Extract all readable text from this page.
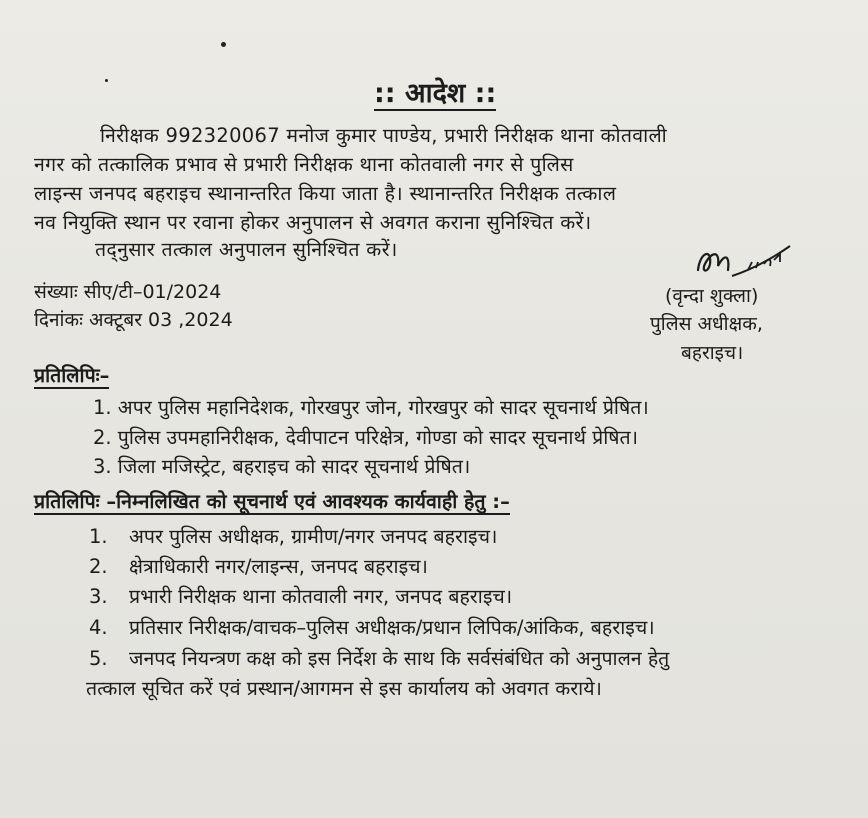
:: आदेश ::
निरीक्षक 992320067 मनोज कुमार पाण्डेय, प्रभारी निरीक्षक थाना कोतवाली
नगर को तत्कालिक प्रभाव से प्रभारी निरीक्षक थाना कोतवाली नगर से पुलिस
लाइन्स जनपद बहराइच स्थानान्तरित किया जाता है। स्थानान्तरित निरीक्षक तत्काल
नव नियुक्ति स्थान पर रवाना होकर अनुपालन से अवगत कराना सुनिश्चित करें।
तद्नुसार तत्काल अनुपालन सुनिश्चित करें।
संख्याः सीए/टी–01/2024
दिनांकः अक्टूबर 03 ,2024
(वृन्दा शुक्ला)
पुलिस अधीक्षक,
बहराइच।
प्रतिलिपिः–
1. अपर पुलिस महानिदेशक, गोरखपुर जोन, गोरखपुर को सादर सूचनार्थ प्रेषित।
2. पुलिस उपमहानिरीक्षक, देवीपाटन परिक्षेत्र, गोण्डा को सादर सूचनार्थ प्रेषित।
3. जिला मजिस्ट्रेट, बहराइच को सादर सूचनार्थ प्रेषित।
प्रतिलिपिः –निम्नलिखित को सूचनार्थ एवं आवश्यक कार्यवाही हेतु :–
1. अपर पुलिस अधीक्षक, ग्रामीण/नगर जनपद बहराइच।
2. क्षेत्राधिकारी नगर/लाइन्स, जनपद बहराइच।
3. प्रभारी निरीक्षक थाना कोतवाली नगर, जनपद बहराइच।
4. प्रतिसार निरीक्षक/वाचक–पुलिस अधीक्षक/प्रधान लिपिक/आंकिक, बहराइच।
5. जनपद नियन्त्रण कक्ष को इस निर्देश के साथ कि सर्वसंबंधित को अनुपालन हेतु
तत्काल सूचित करें एवं प्रस्थान/आगमन से इस कार्यालय को अवगत कराये।
